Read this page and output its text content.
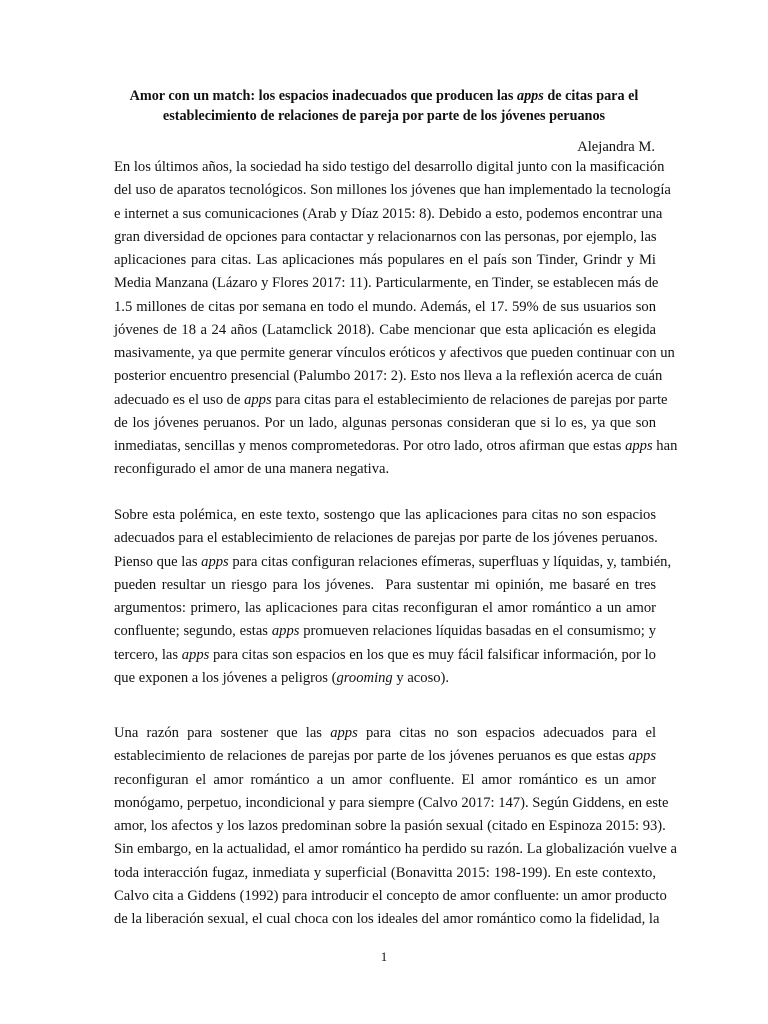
Amor con un match: los espacios inadecuados que producen las apps de citas para el
establecimiento de relaciones de pareja por parte de los jóvenes peruanos
Alejandra M.
En los últimos años, la sociedad ha sido testigo del desarrollo digital junto con la masificación
del uso de aparatos tecnológicos. Son millones los jóvenes que han implementado la tecnología
e internet a sus comunicaciones (Arab y Díaz 2015: 8). Debido a esto, podemos encontrar una
gran diversidad de opciones para contactar y relacionarnos con las personas, por ejemplo, las
aplicaciones para citas. Las aplicaciones más populares en el país son Tinder, Grindr y Mi
Media Manzana (Lázaro y Flores 2017: 11). Particularmente, en Tinder, se establecen más de
1.5 millones de citas por semana en todo el mundo. Además, el 17. 59% de sus usuarios son
jóvenes de 18 a 24 años (Latamclick 2018). Cabe mencionar que esta aplicación es elegida
masivamente, ya que permite generar vínculos eróticos y afectivos que pueden continuar con un
posterior encuentro presencial (Palumbo 2017: 2). Esto nos lleva a la reflexión acerca de cuán
adecuado es el uso de apps para citas para el establecimiento de relaciones de parejas por parte
de los jóvenes peruanos. Por un lado, algunas personas consideran que si lo es, ya que son
inmediatas, sencillas y menos comprometedoras. Por otro lado, otros afirman que estas apps han
reconfigurado el amor de una manera negativa.
Sobre esta polémica, en este texto, sostengo que las aplicaciones para citas no son espacios
adecuados para el establecimiento de relaciones de parejas por parte de los jóvenes peruanos.
Pienso que las apps para citas configuran relaciones efímeras, superfluas y líquidas, y, también,
pueden resultar un riesgo para los jóvenes.  Para sustentar mi opinión, me basaré en tres
argumentos: primero, las aplicaciones para citas reconfiguran el amor romántico a un amor
confluente; segundo, estas apps promueven relaciones líquidas basadas en el consumismo; y
tercero, las apps para citas son espacios en los que es muy fácil falsificar información, por lo
que exponen a los jóvenes a peligros (grooming y acoso).
Una razón para sostener que las apps para citas no son espacios adecuados para el
establecimiento de relaciones de parejas por parte de los jóvenes peruanos es que estas apps
reconfiguran el amor romántico a un amor confluente. El amor romántico es un amor
monógamo, perpetuo, incondicional y para siempre (Calvo 2017: 147). Según Giddens, en este
amor, los afectos y los lazos predominan sobre la pasión sexual (citado en Espinoza 2015: 93).
Sin embargo, en la actualidad, el amor romántico ha perdido su razón. La globalización vuelve a
toda interacción fugaz, inmediata y superficial (Bonavitta 2015: 198-199). En este contexto,
Calvo cita a Giddens (1992) para introducir el concepto de amor confluente: un amor producto
de la liberación sexual, el cual choca con los ideales del amor romántico como la fidelidad, la
1
